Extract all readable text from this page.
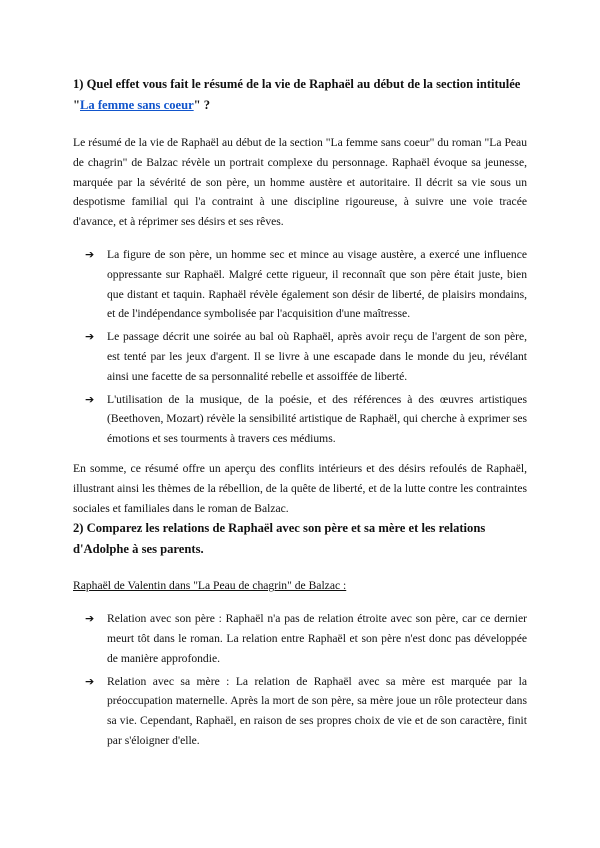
1) Quel effet vous fait le résumé de la vie de Raphaël au début de la section intitulée "La femme sans coeur" ?

Le résumé de la vie de Raphaël au début de la section "La femme sans coeur" du roman "La Peau de chagrin" de Balzac révèle un portrait complexe du personnage. Raphaël évoque sa jeunesse, marquée par la sévérité de son père, un homme austère et autoritaire. Il décrit sa vie sous un despotisme familial qui l'a contraint à une discipline rigoureuse, à suivre une voie tracée d'avance, et à réprimer ses désirs et ses rêves.

➔ La figure de son père, un homme sec et mince au visage austère, a exercé une influence oppressante sur Raphaël. Malgré cette rigueur, il reconnaît que son père était juste, bien que distant et taquin. Raphaël révèle également son désir de liberté, de plaisirs mondains, et de l'indépendance symbolisée par l'acquisition d'une maîtresse.
➔ Le passage décrit une soirée au bal où Raphaël, après avoir reçu de l'argent de son père, est tenté par les jeux d'argent. Il se livre à une escapade dans le monde du jeu, révélant ainsi une facette de sa personnalité rebelle et assoiffée de liberté.
➔ L'utilisation de la musique, de la poésie, et des références à des œuvres artistiques (Beethoven, Mozart) révèle la sensibilité artistique de Raphaël, qui cherche à exprimer ses émotions et ses tourments à travers ces médiums.

En somme, ce résumé offre un aperçu des conflits intérieurs et des désirs refoulés de Raphaël, illustrant ainsi les thèmes de la rébellion, de la quête de liberté, et de la lutte contre les contraintes sociales et familiales dans le roman de Balzac.

2) Comparez les relations de Raphaël avec son père et sa mère et les relations d'Adolphe à ses parents.

Raphaël de Valentin dans "La Peau de chagrin" de Balzac :

➔ Relation avec son père : Raphaël n'a pas de relation étroite avec son père, car ce dernier meurt tôt dans le roman. La relation entre Raphaël et son père n'est donc pas développée de manière approfondie.
➔ Relation avec sa mère : La relation de Raphaël avec sa mère est marquée par la préoccupation maternelle. Après la mort de son père, sa mère joue un rôle protecteur dans sa vie. Cependant, Raphaël, en raison de ses propres choix de vie et de son caractère, finit par s'éloigner d'elle.
